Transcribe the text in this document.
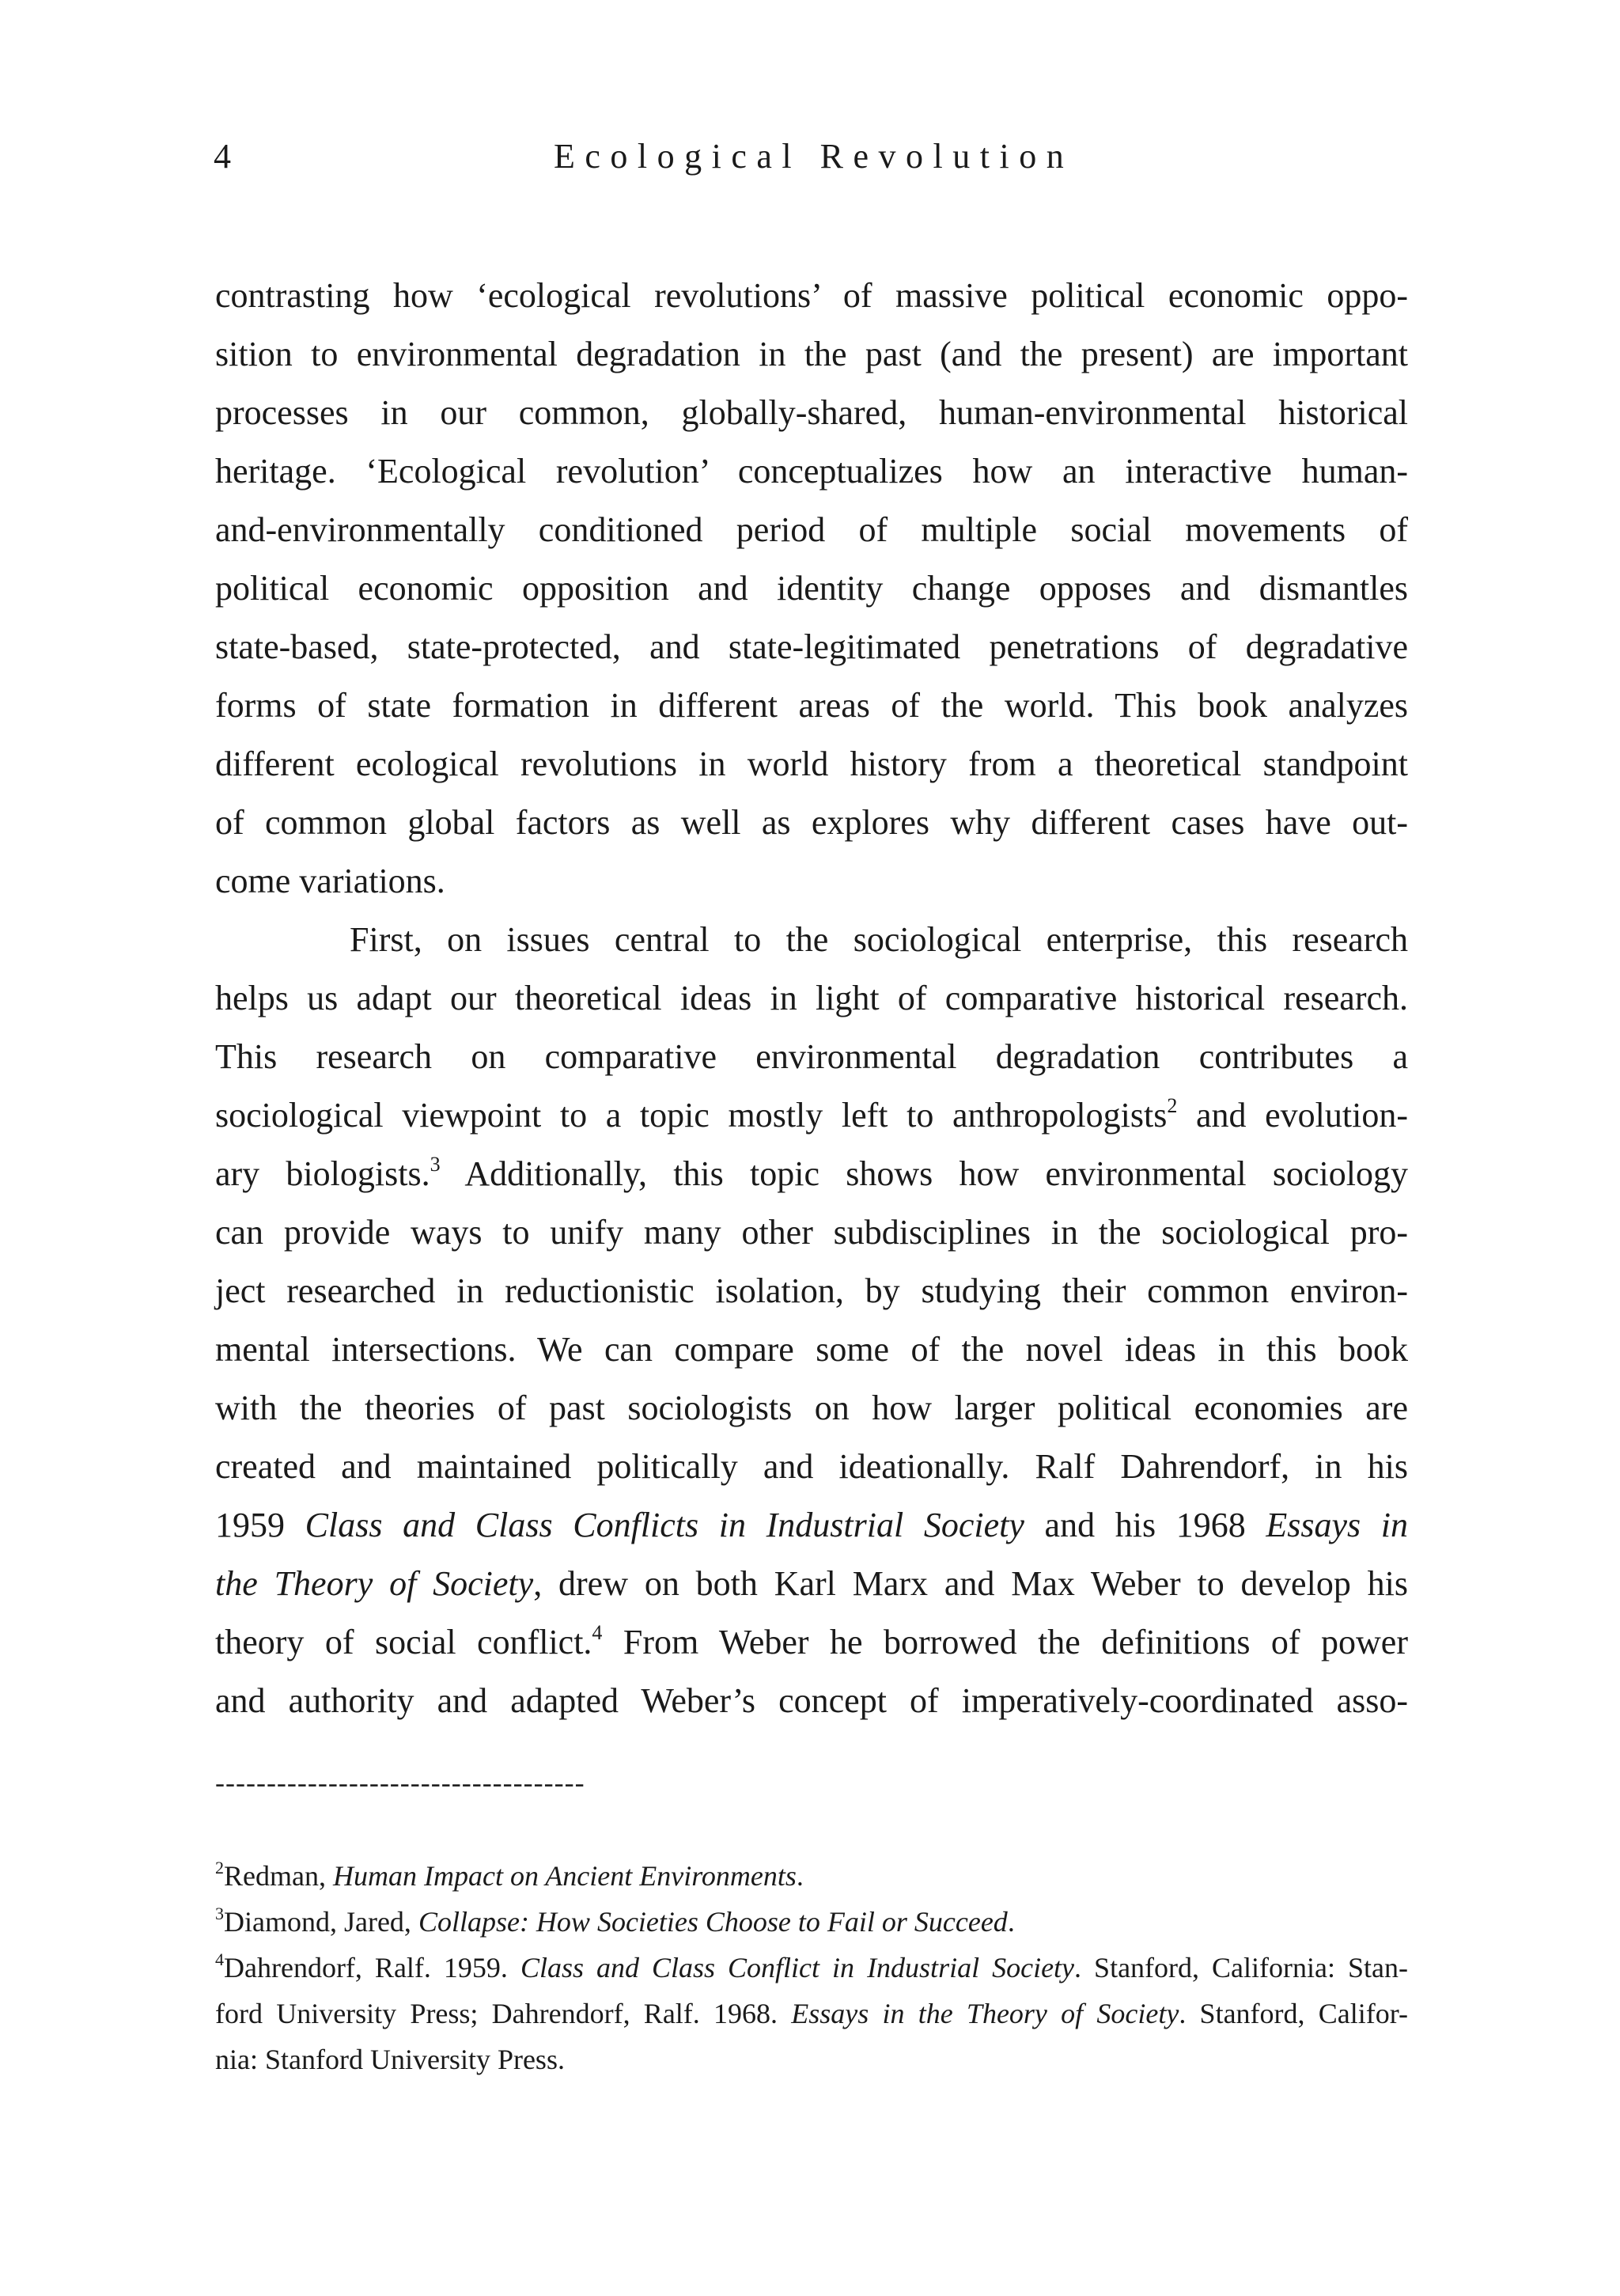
4	Ecological Revolution
contrasting how ‘ecological revolutions’ of massive political economic oppo-
sition to environmental degradation in the past (and the present) are important
processes in our common, globally-shared, human-environmental historical
heritage. ‘Ecological revolution’ conceptualizes how an interactive human-
and-environmentally conditioned period of multiple social movements of
political economic opposition and identity change opposes and dismantles
state-based, state-protected, and state-legitimated penetrations of degradative
forms of state formation in different areas of the world. This book analyzes
different ecological revolutions in world history from a theoretical standpoint
of common global factors as well as explores why different cases have out-
come variations.
First, on issues central to the sociological enterprise, this research
helps us adapt our theoretical ideas in light of comparative historical research.
This research on comparative environmental degradation contributes a
sociological viewpoint to a topic mostly left to anthropologists$^2$ and evolution-
ary biologists.$^3$ Additionally, this topic shows how environmental sociology
can provide ways to unify many other subdisciplines in the sociological pro-
ject researched in reductionistic isolation, by studying their common environ-
mental intersections. We can compare some of the novel ideas in this book
with the theories of past sociologists on how larger political economies are
created and maintained politically and ideationally. Ralf Dahrendorf, in his
1959 Class and Class Conflicts in Industrial Society and his 1968 Essays in
the Theory of Society, drew on both Karl Marx and Max Weber to develop his
theory of social conflict.$^4$ From Weber he borrowed the definitions of power
and authority and adapted Weber’s concept of imperatively-coordinated asso-
------------------------------------
$^2$Redman, Human Impact on Ancient Environments.
$^3$Diamond, Jared, Collapse: How Societies Choose to Fail or Succeed.
$^4$Dahrendorf, Ralf. 1959. Class and Class Conflict in Industrial Society. Stanford, California: Stan-
ford University Press; Dahrendorf, Ralf. 1968. Essays in the Theory of Society. Stanford, Califor-
nia: Stanford University Press.
